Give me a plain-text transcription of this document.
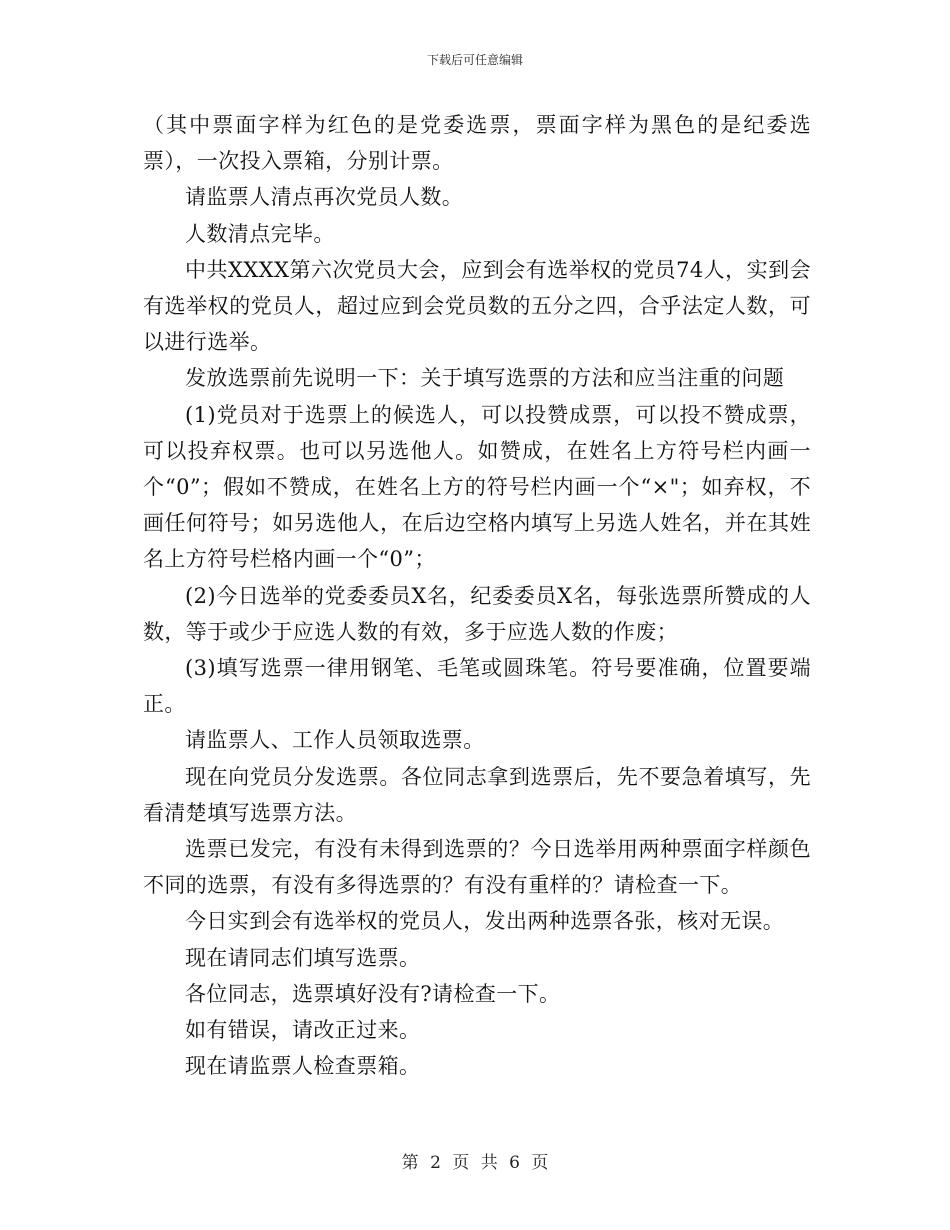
下载后可任意编辑

（其中票面字样为红色的是党委选票，票面字样为黑色的是纪委选票），一次投入票箱，分别计票。

请监票人清点再次党员人数。

人数清点完毕。

中共XXXX第六次党员大会，应到会有选举权的党员74人，实到会有选举权的党员人，超过应到会党员数的五分之四，合乎法定人数，可以进行选举。

发放选票前先说明一下：关于填写选票的方法和应当注重的问题

(1)党员对于选票上的候选人，可以投赞成票，可以投不赞成票，可以投弃权票。也可以另选他人。如赞成，在姓名上方符号栏内画一个“0”；假如不赞成，在姓名上方的符号栏内画一个“×"；如弃权，不画任何符号；如另选他人，在后边空格内填写上另选人姓名，并在其姓名上方符号栏格内画一个“0”；

(2)今日选举的党委委员X名，纪委委员X名，每张选票所赞成的人数，等于或少于应选人数的有效，多于应选人数的作废；

(3)填写选票一律用钢笔、毛笔或圆珠笔。符号要准确，位置要端正。

请监票人、工作人员领取选票。

现在向党员分发选票。各位同志拿到选票后，先不要急着填写，先看清楚填写选票方法。

选票已发完，有没有未得到选票的？今日选举用两种票面字样颜色不同的选票，有没有多得选票的？有没有重样的？请检查一下。

今日实到会有选举权的党员人，发出两种选票各张，核对无误。

现在请同志们填写选票。

各位同志，选票填好没有?请检查一下。

如有错误，请改正过来。

现在请监票人检查票箱。

第 2 页 共 6 页
